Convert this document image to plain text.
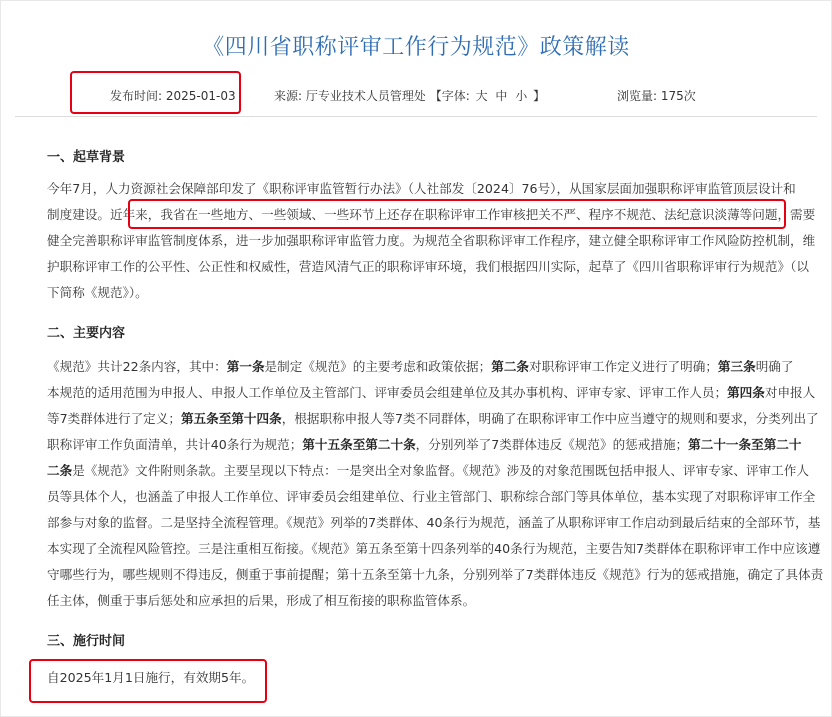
《四川省职称评审工作行为规范》政策解读
发布时间: 2025-01-03	来源: 厅专业技术人员管理处 【字体: 大 中 小 】	浏览量: 175次
一、起草背景
今年7月，人力资源社会保障部印发了《职称评审监管暂行办法》（人社部发〔2024〕76号），从国家层面加强职称评审监管顶层设计和
制度建设。近年来，我省在一些地方、一些领域、一些环节上还存在职称评审工作审核把关不严、程序不规范、法纪意识淡薄等问题，需要
健全完善职称评审监管制度体系，进一步加强职称评审监管力度。为规范全省职称评审工作程序，建立健全职称评审工作风险防控机制，维
护职称评审工作的公平性、公正性和权威性，营造风清气正的职称评审环境，我们根据四川实际，起草了《四川省职称评审行为规范》（以
下简称《规范》）。
二、主要内容
《规范》共计22条内容，其中：第一条是制定《规范》的主要考虑和政策依据；第二条对职称评审工作定义进行了明确；第三条明确了
本规范的适用范围为申报人、申报人工作单位及主管部门、评审委员会组建单位及其办事机构、评审专家、评审工作人员；第四条对申报人
等7类群体进行了定义；第五条至第十四条，根据职称申报人等7类不同群体，明确了在职称评审工作中应当遵守的规则和要求，分类列出了
职称评审工作负面清单，共计40条行为规范；第十五条至第二十条，分别列举了7类群体违反《规范》的惩戒措施；第二十一条至第二十
二条是《规范》文件附则条款。主要呈现以下特点：一是突出全对象监督。《规范》涉及的对象范围既包括申报人、评审专家、评审工作人
员等具体个人，也涵盖了申报人工作单位、评审委员会组建单位、行业主管部门、职称综合部门等具体单位，基本实现了对职称评审工作全
部参与对象的监督。二是坚持全流程管理。《规范》列举的7类群体、40条行为规范，涵盖了从职称评审工作启动到最后结束的全部环节，基
本实现了全流程风险管控。三是注重相互衔接。《规范》第五条至第十四条列举的40条行为规范，主要告知7类群体在职称评审工作中应该遵
守哪些行为，哪些规则不得违反，侧重于事前提醒；第十五条至第十九条，分别列举了7类群体违反《规范》行为的惩戒措施，确定了具体责
任主体，侧重于事后惩处和应承担的后果，形成了相互衔接的职称监管体系。
三、施行时间
自2025年1月1日施行，有效期5年。
